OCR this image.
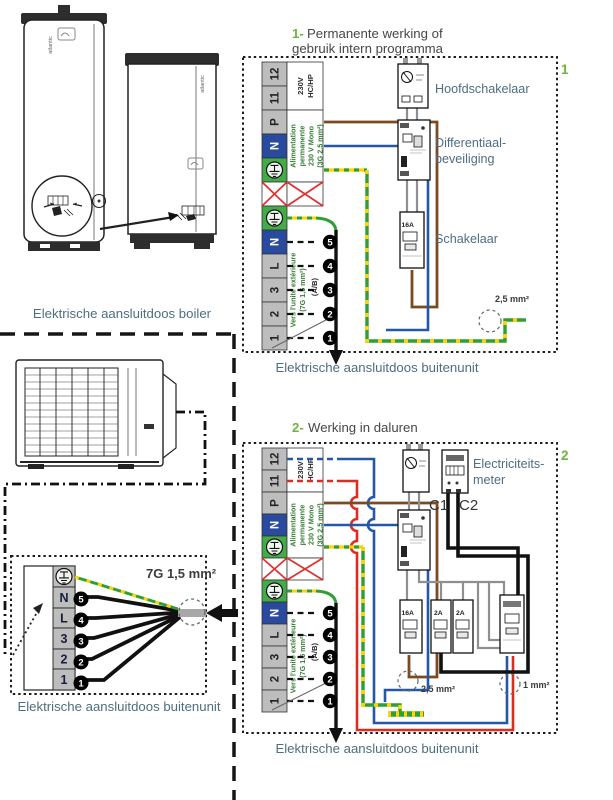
atlantic
atlantic
Elektrische aansluitdoos boiler
N
L
3
2
1
5
4
3
2
1
7G 1,5 mm²
Elektrische aansluitdoos buitenunit
1- Permanente werking of
gebruik intern programma
1
12
11
P
N
N
L
3
2
1
230V HC/HP
Alimentation permanente 230 V Mono (3G 2,5 mm²)
Vers l'unité extérieure (7G 1,5 mm²) (A/B)
2,5 mm²
5
4
3
2
1
16A
Hoofdschakelaar
Differentiaal-
beveiliging
Schakelaar
Elektrische aansluitdoos buitenunit
2- Werking in daluren
2
12
11
P
N
N
L
3
2
1
230V HC/HP
Alimentation permanente 230 V Mono (3G 2,5 mm²)
Vers l'unité extérieure (7G 1,5 mm²) (A/B)
2,5 mm²	1 mm²
5
4
3
2
1
16A	2A 2A
C1 C2
Electriciteits-
meter
Elektrische aansluitdoos buitenunit
